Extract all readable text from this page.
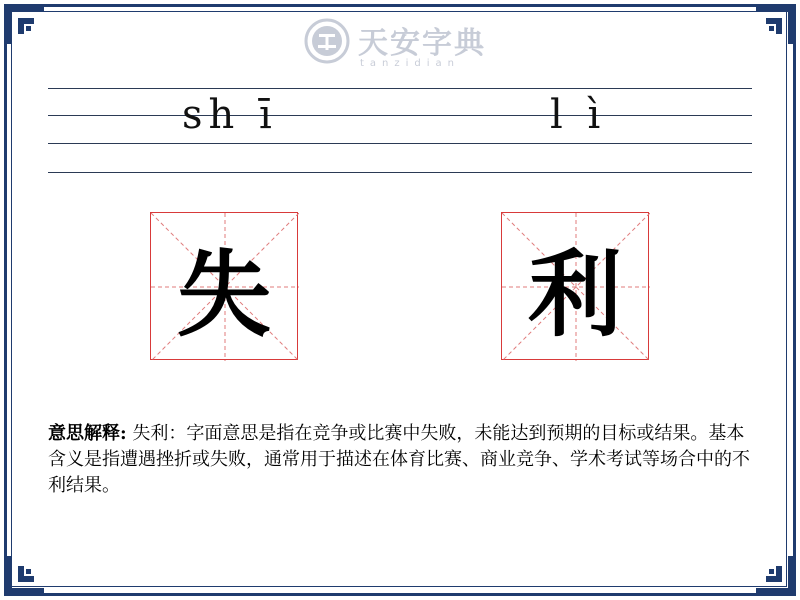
天安字典
tanzidian
sh ī	l ì
失	利
意思解释: 失利：字面意思是指在竞争或比赛中失败，未能达到预期的目标或结果。基本含义是指遭遇挫折或失败，通常用于描述在体育比赛、商业竞争、学术考试等场合中的不利结果。
